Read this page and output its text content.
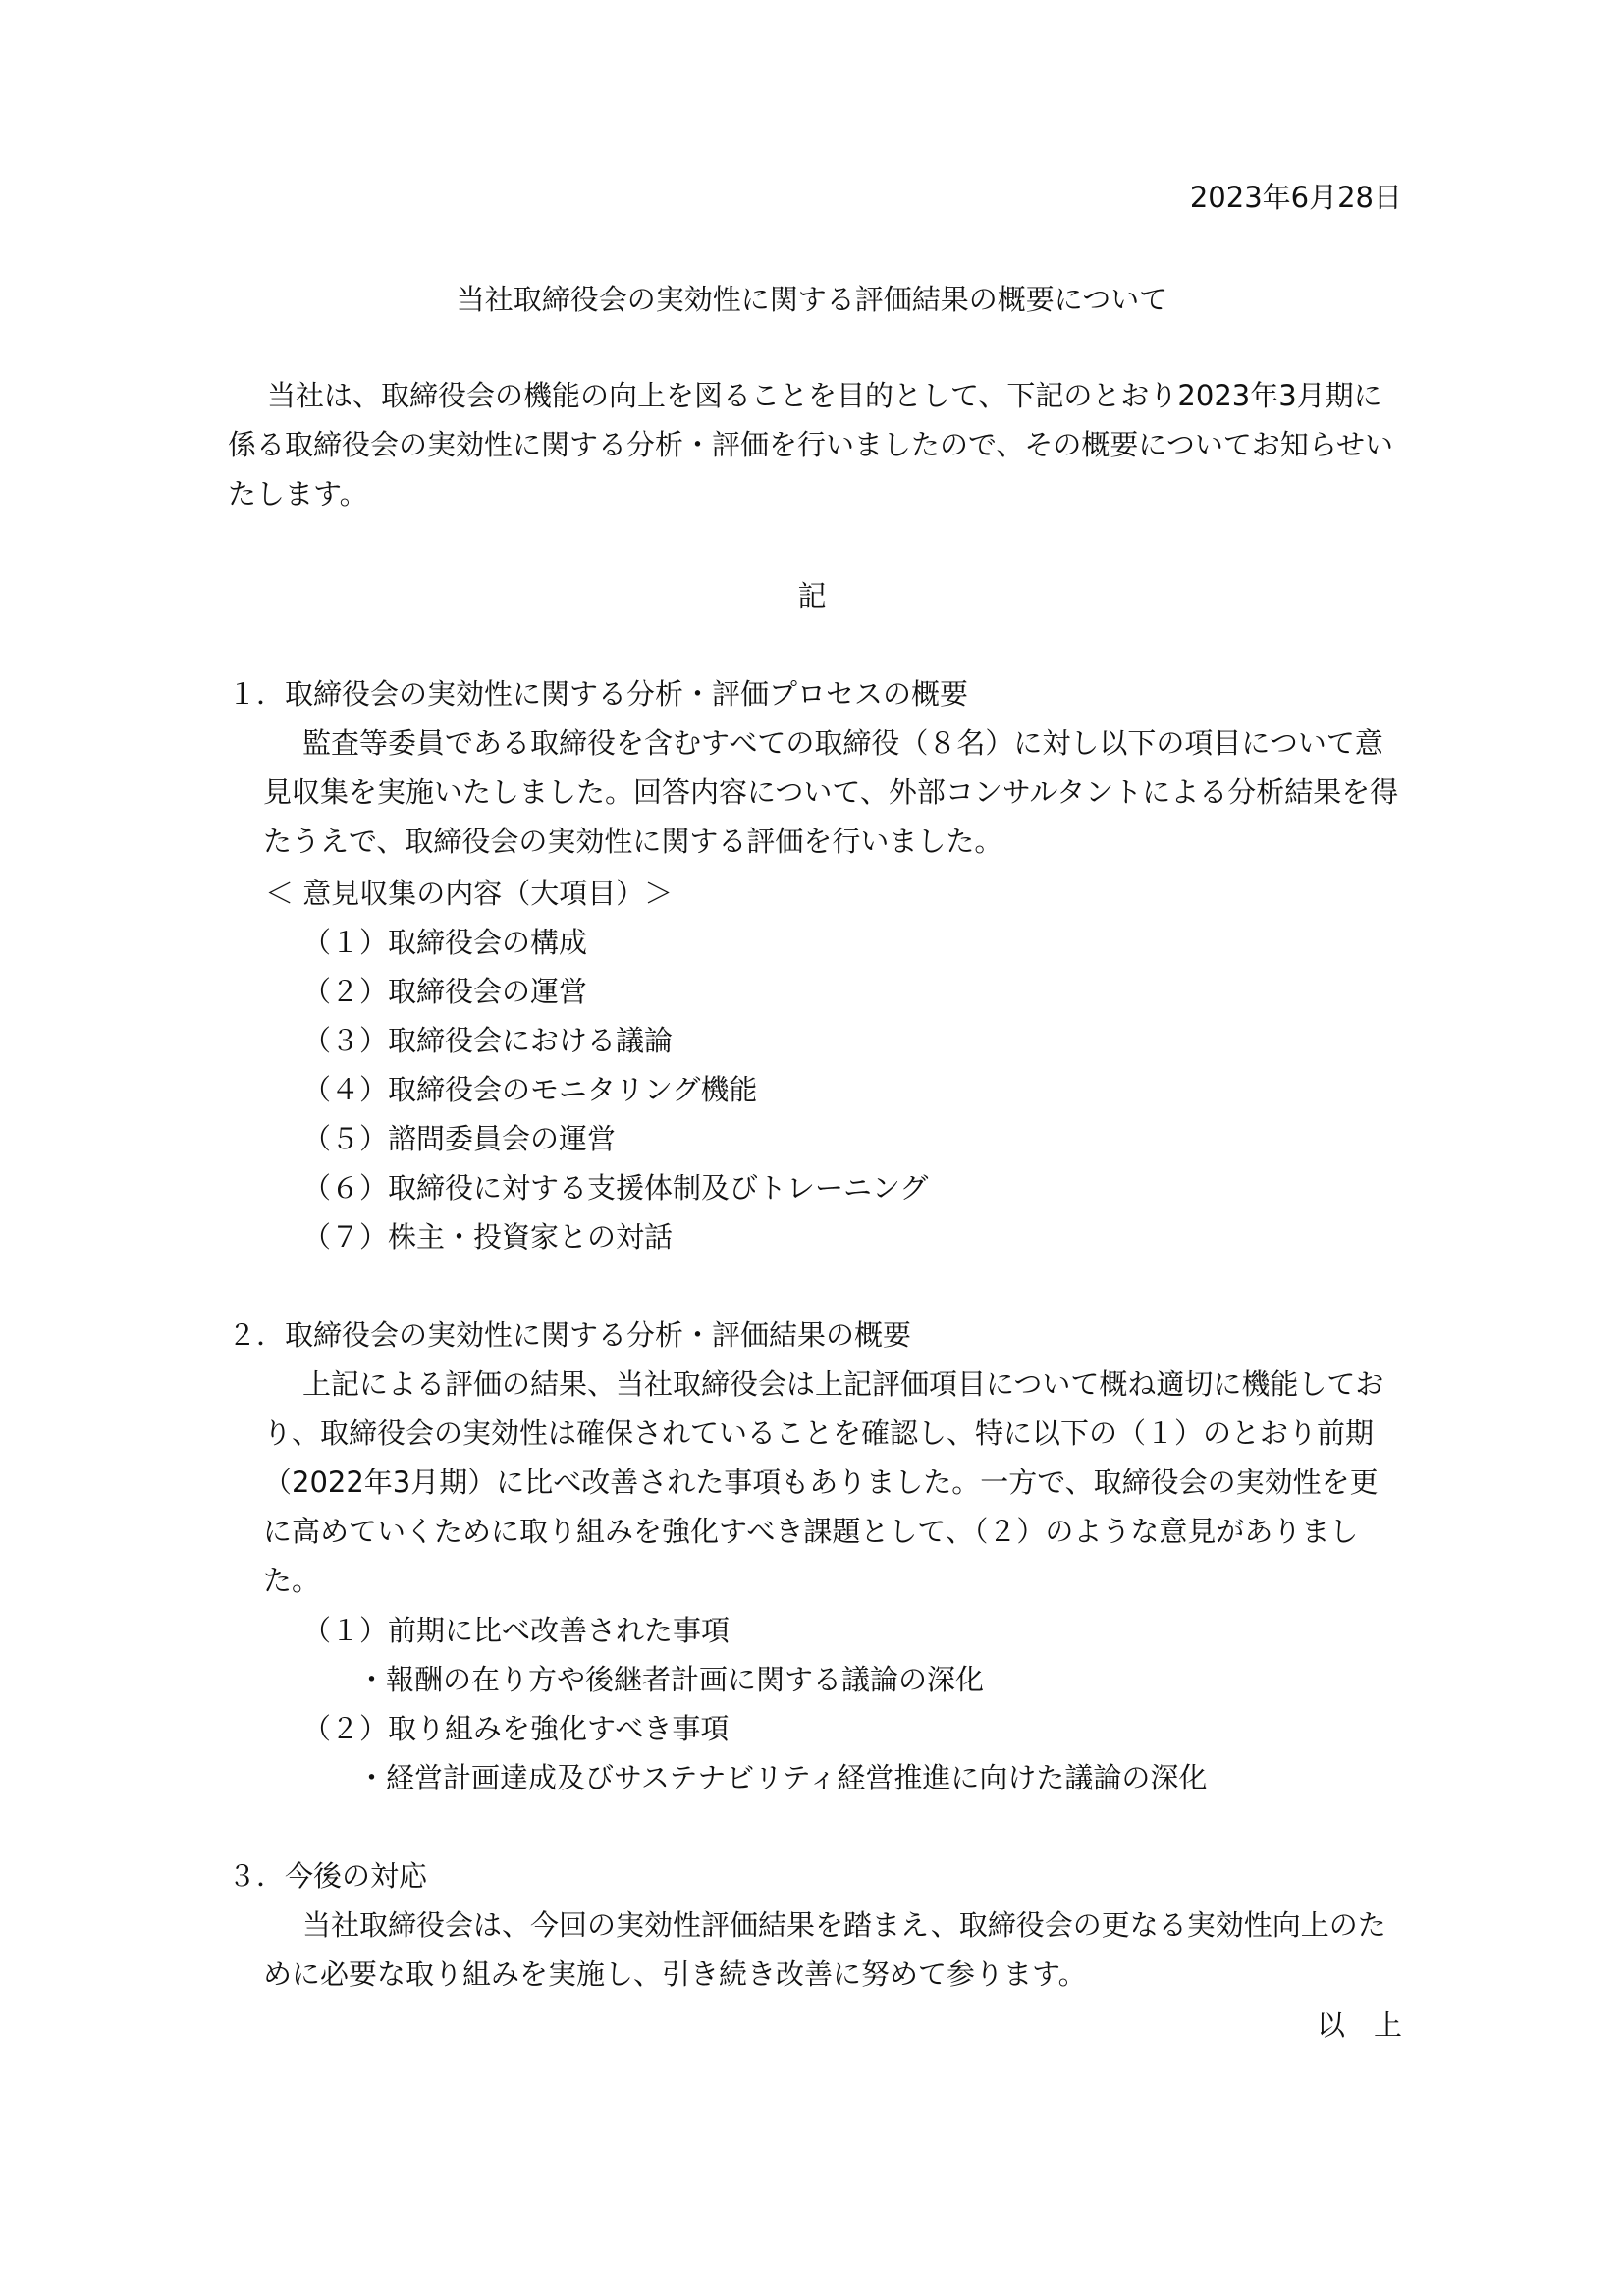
2023年6月28日
当社取締役会の実効性に関する評価結果の概要について

当社は、取締役会の機能の向上を図ることを目的として、下記のとおり2023年3月期に係る取締役会の実効性に関する分析・評価を行いましたので、その概要についてお知らせいたします。

記
１．取締役会の実効性に関する分析・評価プロセスの概要

監査等委員である取締役を含むすべての取締役（８名）に対し以下の項目について意見収集を実施いたしました。回答内容について、外部コンサルタントによる分析結果を得たうえで、取締役会の実効性に関する評価を行いました。

＜ 意見収集の内容（大項目）＞
（１）取締役会の構成
（２）取締役会の運営
（３）取締役会における議論
（４）取締役会のモニタリング機能
（５）諮問委員会の運営
（６）取締役に対する支援体制及びトレーニング
（７）株主・投資家との対話
２．取締役会の実効性に関する分析・評価結果の概要

上記による評価の結果、当社取締役会は上記評価項目について概ね適切に機能しており、取締役会の実効性は確保されていることを確認し、特に以下の（１）のとおり前期（2022年3月期）に比べ改善された事項もありました。一方で、取締役会の実効性を更に高めていくために取り組みを強化すべき課題として、（２）のような意見がありました。

（１）前期に比べ改善された事項
・報酬の在り方や後継者計画に関する議論の深化
（２）取り組みを強化すべき事項
・経営計画達成及びサステナビリティ経営推進に向けた議論の深化
３．今後の対応

当社取締役会は、今回の実効性評価結果を踏まえ、取締役会の更なる実効性向上のために必要な取り組みを実施し、引き続き改善に努めて参ります。

以　上
